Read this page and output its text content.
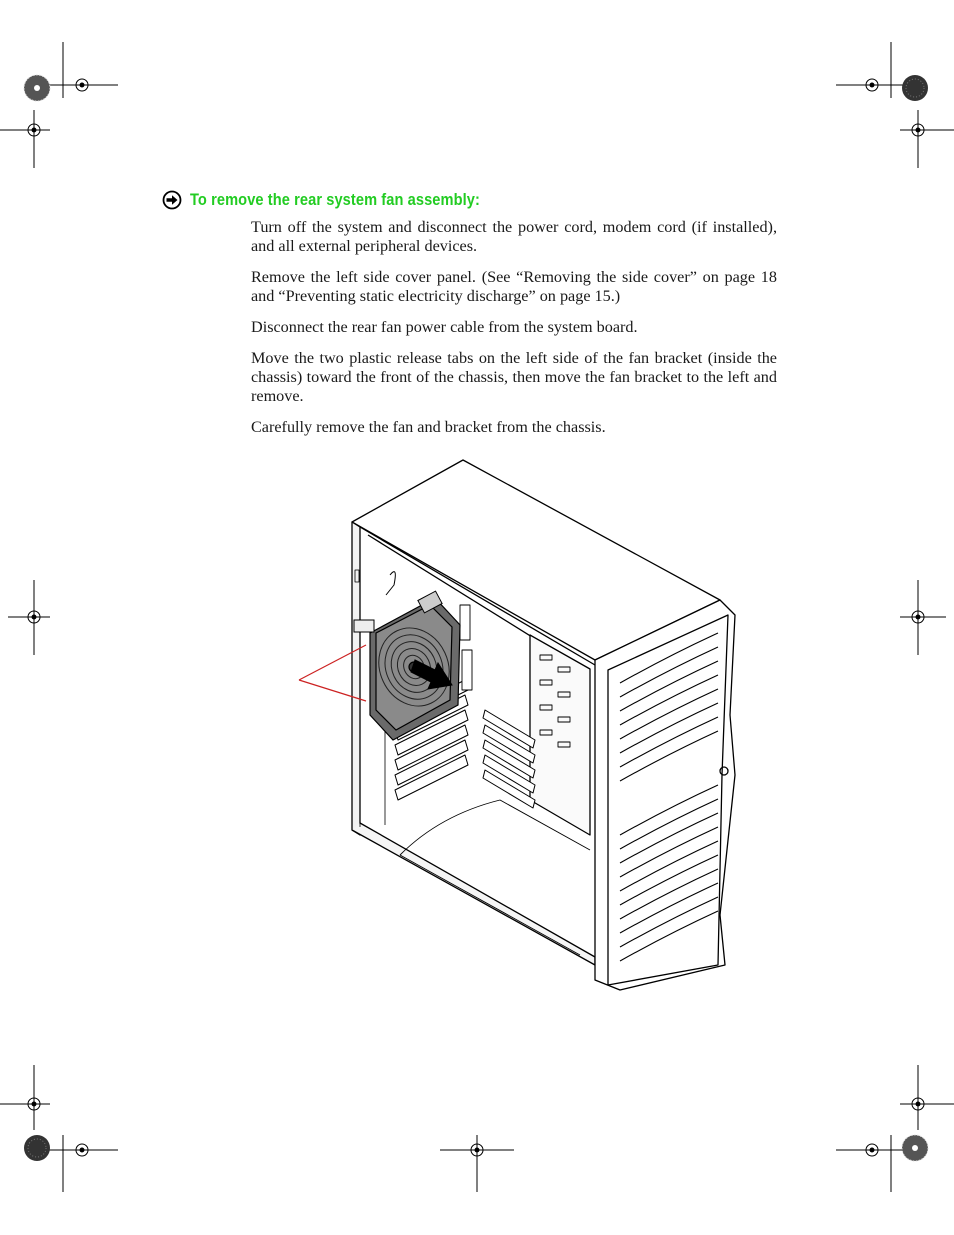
To remove the rear system fan assembly:

Turn off the system and disconnect the power cord, modem cord (if installed), and all external peripheral devices.

Remove the left side cover panel. (See “Removing the side cover” on page 18 and “Preventing static electricity discharge” on page 15.)

Disconnect the rear fan power cable from the system board.

Move the two plastic release tabs on the left side of the fan bracket (inside the chassis) toward the front of the chassis, then move the fan bracket to the left and remove.

Carefully remove the fan and bracket from the chassis.
